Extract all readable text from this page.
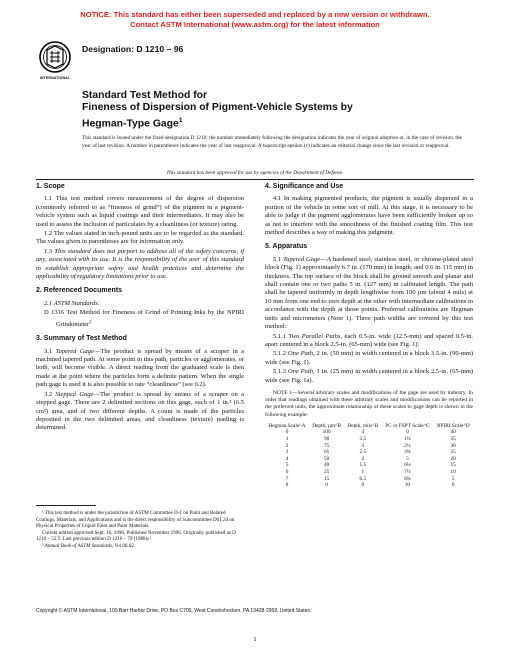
NOTICE: This standard has either been superseded and replaced by a new version or withdrawn.
Contact ASTM International (www.astm.org) for the latest information
INTERNATIONAL
Designation: D 1210 – 96
Standard Test Method for
Fineness of Dispersion of Pigment-Vehicle Systems by
Hegman-Type Gage$^1$
This standard is issued under the fixed designation D 1210; the number immediately following the designation indicates the year of original adoption or, in the case of revision, the year of last revision. A number in parentheses indicates the year of last reapproval. A superscript epsilon (ε) indicates an editorial change since the last revision or reapproval.
This standard has been approved for use by agencies of the Department of Defense.
1. Scope

1.1 This test method covers measurement of the degree of dispersion (commonly referred to as “fineness of grind”) of the pigment in a pigment-vehicle system such as liquid coatings and their intermediates. It may also be used to assess the inclusion of particulates by a cleanliness (or texture) rating.

1.2 The values stated in inch-pound units are to be regarded as the standard. The values given in parentheses are for information only.

1.3 This standard does not purport to address all of the safety concerns, if any, associated with its use. It is the responsibility of the user of this standard to establish appropriate safety and health practices and determine the applicability of regulatory limitations prior to use.

2. Referenced Documents

2.1 ASTM Standards:

D 1316 Test Method for Fineness of Grind of Printing Inks by the NPIRI Grindometer$^2$

3. Summary of Test Method

3.1 Tapered Gage—The product is spread by means of a scraper in a machined tapered path. At some point in this path, particles or agglomerates, or both, will become visible. A direct reading from the graduated scale is then made at the point where the particles form a definite pattern. When the single path gage is used it is also possible to rate “cleanliness” (see 6.2).

3.2 Stepped Gage—The product is spread by means of a scraper on a stepped gage. There are 2 delimited sections on this gage, each of 1 in.² (6.5 cm²) area, and of two different depths. A count is made of the particles deposited in the two delimited areas, and cleanliness (texture) reading is determined.

4. Significance and Use

4.1 In making pigmented products, the pigment is usually dispersed in a portion of the vehicle in some sort of mill. At this stage, it is necessary to be able to judge if the pigment agglomerates have been sufficiently broken up so as not to interfere with the smoothness of the finished coating film. This test method describes a way of making this judgment.

5. Apparatus

5.1 Tapered Gage—A hardened steel, stainless steel, or chrome-plated steel block (Fig. 1) approximately 6.7 in. (170 mm) in length, and 0.6 in. (15 mm) in thickness. The top surface of the block shall be ground smooth and planar and shall contain one or two paths 5 in. (127 mm) in calibrated length. The path shall be tapered uniformly in depth lengthwise from 100 µm (about 4 mils) at 10 mm from one end to zero depth at the other with intermediate calibrations in accordance with the depth at those points. Preferred calibrations are Hegman units and micrometers (Note 1). Three path widths are covered by this test method:

5.1.1 Two Parallel Paths, each 0.5-in. wide (12.5-mm) and spaced 0.5-in. apart centered in a block 2.5-in. (65-mm) wide (see Fig. 1).

5.1.2 One Path, 2 in. (50 mm) in width centered in a block 3.5-in. (90-mm) wide (see Fig. 1).

5.1.3 One Path, 1 in. (25 mm) in width centered in a block 2.5-in. (65-mm) wide (see Fig. 1a).

NOTE 1—Several arbitrary scales and modifications of the gage are used by industry. In order that readings obtained with these arbitrary scales and modifications can be reported in the preferred units, the approximate relationship of these scales to gage depth is shown in the following example:
Hegman Scale^A	Depth, µm^B	Depth, mils^B	PC or FSPT Scale^C	NPIRI Scale^D
0	100	4	0	40
1	90	3.5	1¼	35
2	75	3	2½	30
3	65	2.5	3¾	25
4	50	2	5	20
5	40	1.5	6¼	15
6	25	1	7½	10
7	15	0.5	8¾	5
8	0	0	10	0
¹ This test method is under the jurisdiction of ASTM Committee D-1 on Paint and Related Coatings, Materials, and Applications and is the direct responsibility of Subcommittee D01.24 on Physical Properties of Liquid Paint and Paint Materials.
Current edition approved Sept. 10, 1996. Published November 1996. Originally published as D 1210 – 52 T. Last previous edition D 1210 – 79 (1988)ε¹.
² Annual Book of ASTM Standards, Vol 06.02.
Copyright © ASTM International, 100 Barr Harbor Drive, PO Box C700, West Conshohocken, PA 19428-2959, United States.
1
